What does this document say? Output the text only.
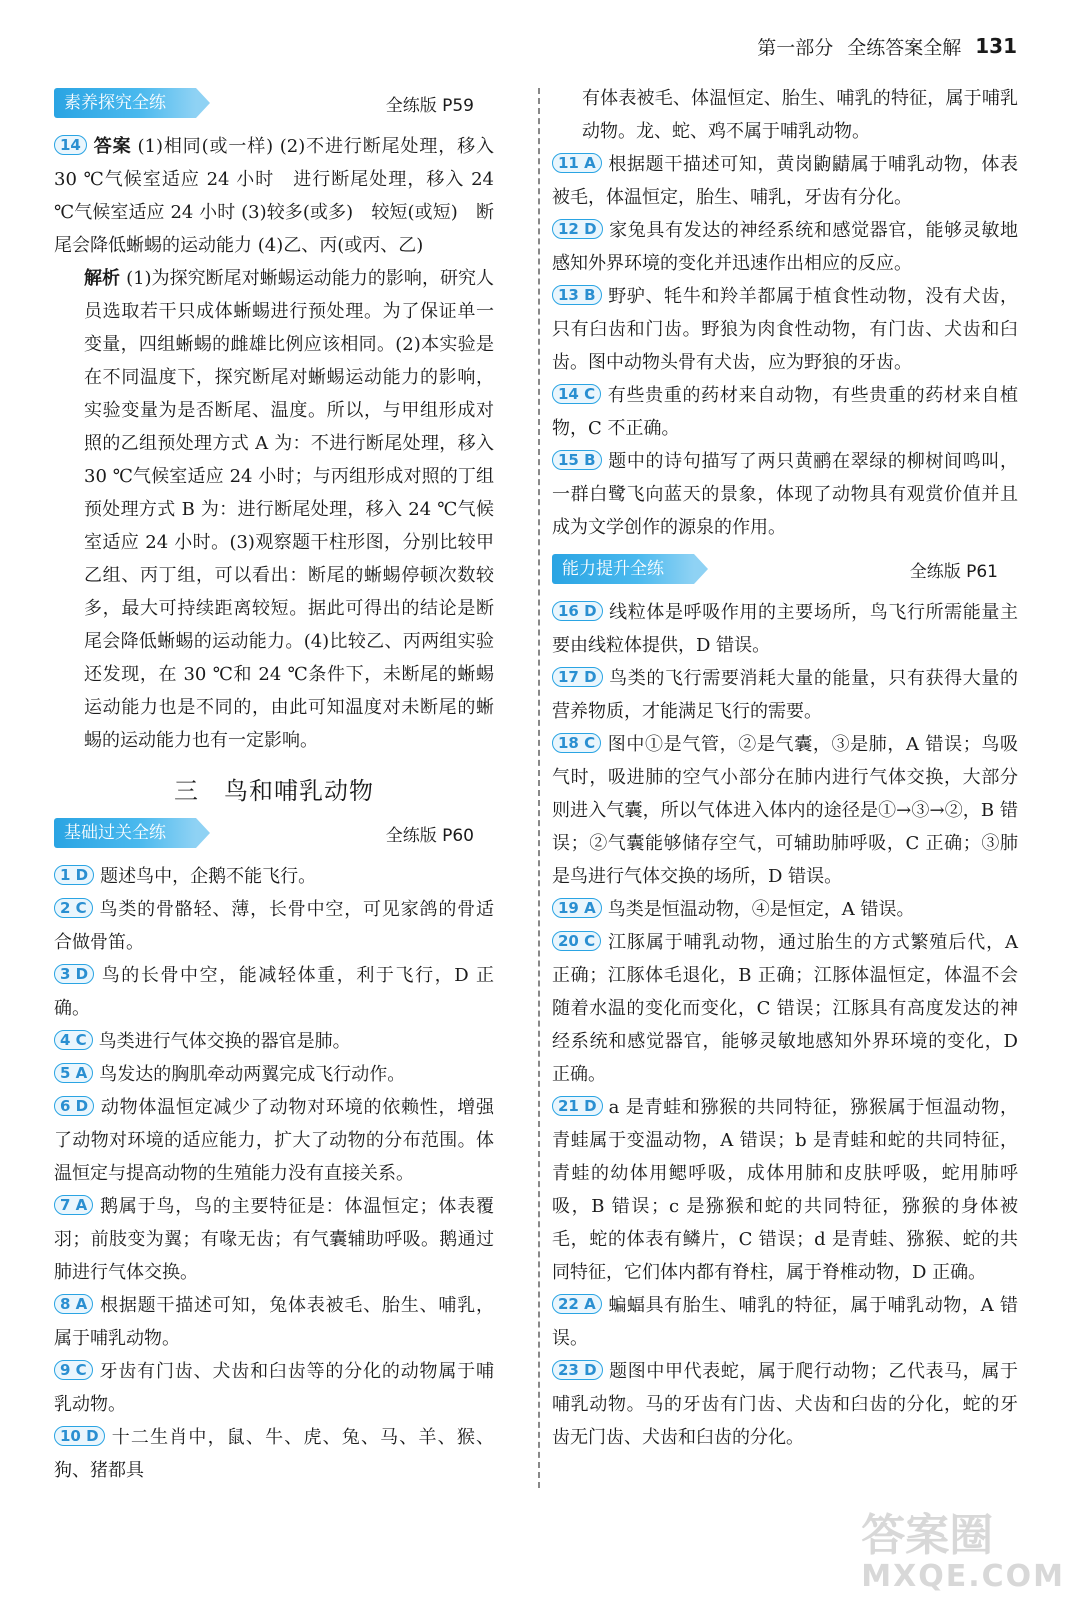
第一部分 全练答案全解 131
素养探究全练	全练版 P59

14 答案 (1)相同(或一样) (2)不进行断尾处理，移入 30 ℃气候室适应 24 小时　进行断尾处理，移入 24 ℃气候室适应 24 小时 (3)较多(或多)　较短(或短)　断尾会降低蜥蜴的运动能力 (4)乙、丙(或丙、乙)

解析 (1)为探究断尾对蜥蜴运动能力的影响，研究人员选取若干只成体蜥蜴进行预处理。为了保证单一变量，四组蜥蜴的雌雄比例应该相同。(2)本实验是在不同温度下，探究断尾对蜥蜴运动能力的影响，实验变量为是否断尾、温度。所以，与甲组形成对照的乙组预处理方式 A 为：不进行断尾处理，移入 30 ℃气候室适应 24 小时；与丙组形成对照的丁组预处理方式 B 为：进行断尾处理，移入 24 ℃气候室适应 24 小时。(3)观察题干柱形图，分别比较甲乙组、丙丁组，可以看出：断尾的蜥蜴停顿次数较多，最大可持续距离较短。据此可得出的结论是断尾会降低蜥蜴的运动能力。(4)比较乙、丙两组实验还发现，在 30 ℃和 24 ℃条件下，未断尾的蜥蜴运动能力也是不同的，由此可知温度对未断尾的蜥蜴的运动能力也有一定影响。

三　鸟和哺乳动物
基础过关全练	全练版 P60

1 D 题述鸟中，企鹅不能飞行。

2 C 鸟类的骨骼轻、薄，长骨中空，可见家鸽的骨适合做骨笛。

3 D 鸟的长骨中空，能减轻体重，利于飞行，D 正确。

4 C 鸟类进行气体交换的器官是肺。

5 A 鸟发达的胸肌牵动两翼完成飞行动作。

6 D 动物体温恒定减少了动物对环境的依赖性，增强了动物对环境的适应能力，扩大了动物的分布范围。体温恒定与提高动物的生殖能力没有直接关系。

7 A 鹅属于鸟，鸟的主要特征是：体温恒定；体表覆羽；前肢变为翼；有喙无齿；有气囊辅助呼吸。鹅通过肺进行气体交换。

8 A 根据题干描述可知，兔体表被毛、胎生、哺乳，属于哺乳动物。

9 C 牙齿有门齿、犬齿和臼齿等的分化的动物属于哺乳动物。

10 D 十二生肖中，鼠、牛、虎、兔、马、羊、猴、狗、猪都具

有体表被毛、体温恒定、胎生、哺乳的特征，属于哺乳动物。龙、蛇、鸡不属于哺乳动物。

11 A 根据题干描述可知，黄岗鼩鼱属于哺乳动物，体表被毛，体温恒定，胎生、哺乳，牙齿有分化。

12 D 家兔具有发达的神经系统和感觉器官，能够灵敏地感知外界环境的变化并迅速作出相应的反应。

13 B 野驴、牦牛和羚羊都属于植食性动物，没有犬齿，只有臼齿和门齿。野狼为肉食性动物，有门齿、犬齿和臼齿。图中动物头骨有犬齿，应为野狼的牙齿。

14 C 有些贵重的药材来自动物，有些贵重的药材来自植物，C 不正确。

15 B 题中的诗句描写了两只黄鹂在翠绿的柳树间鸣叫，一群白鹭飞向蓝天的景象，体现了动物具有观赏价值并且成为文学创作的源泉的作用。

能力提升全练	全练版 P61

16 D 线粒体是呼吸作用的主要场所，鸟飞行所需能量主要由线粒体提供，D 错误。

17 D 鸟类的飞行需要消耗大量的能量，只有获得大量的营养物质，才能满足飞行的需要。

18 C 图中①是气管，②是气囊，③是肺，A 错误；鸟吸气时，吸进肺的空气小部分在肺内进行气体交换，大部分则进入气囊，所以气体进入体内的途径是①→③→②，B 错误；②气囊能够储存空气，可辅助肺呼吸，C 正确；③肺是鸟进行气体交换的场所，D 错误。

19 A 鸟类是恒温动物，④是恒定，A 错误。

20 C 江豚属于哺乳动物，通过胎生的方式繁殖后代，A 正确；江豚体毛退化，B 正确；江豚体温恒定，体温不会随着水温的变化而变化，C 错误；江豚具有高度发达的神经系统和感觉器官，能够灵敏地感知外界环境的变化，D 正确。

21 D a 是青蛙和猕猴的共同特征，猕猴属于恒温动物，青蛙属于变温动物，A 错误；b 是青蛙和蛇的共同特征，青蛙的幼体用鳃呼吸，成体用肺和皮肤呼吸，蛇用肺呼吸，B 错误；c 是猕猴和蛇的共同特征，猕猴的身体被毛，蛇的体表有鳞片，C 错误；d 是青蛙、猕猴、蛇的共同特征，它们体内都有脊柱，属于脊椎动物，D 正确。

22 A 蝙蝠具有胎生、哺乳的特征，属于哺乳动物，A 错误。

23 D 题图中甲代表蛇，属于爬行动物；乙代表马，属于哺乳动物。马的牙齿有门齿、犬齿和臼齿的分化，蛇的牙齿无门齿、犬齿和臼齿的分化。

答案圈
MXQE.COM
